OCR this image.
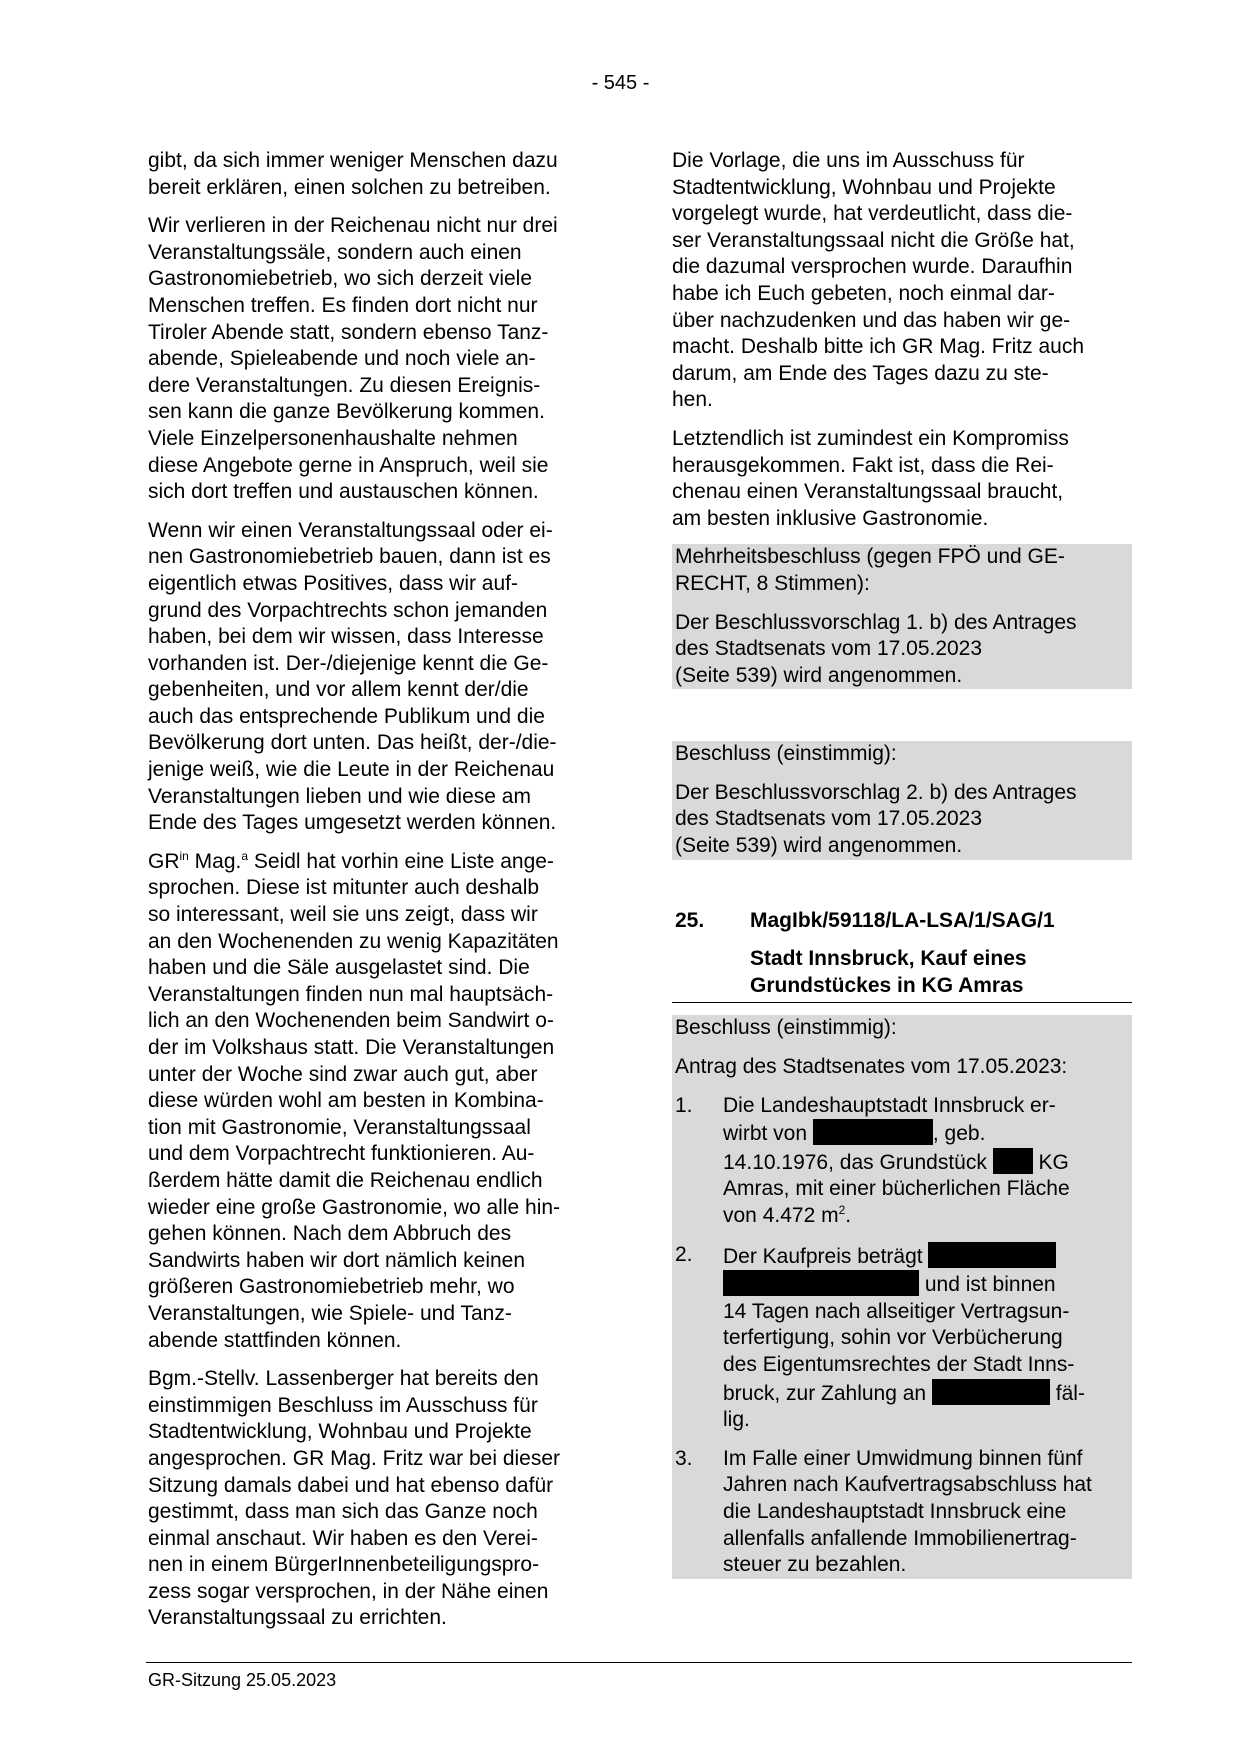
- 545 -

gibt, da sich immer weniger Menschen dazu
bereit erklären, einen solchen zu betreiben.

Wir verlieren in der Reichenau nicht nur drei
Veranstaltungssäle, sondern auch einen
Gastronomiebetrieb, wo sich derzeit viele
Menschen treffen. Es finden dort nicht nur
Tiroler Abende statt, sondern ebenso Tanz-
abende, Spieleabende und noch viele an-
dere Veranstaltungen. Zu diesen Ereignis-
sen kann die ganze Bevölkerung kommen.
Viele Einzelpersonenhaushalte nehmen
diese Angebote gerne in Anspruch, weil sie
sich dort treffen und austauschen können.

Wenn wir einen Veranstaltungssaal oder ei-
nen Gastronomiebetrieb bauen, dann ist es
eigentlich etwas Positives, dass wir auf-
grund des Vorpachtrechts schon jemanden
haben, bei dem wir wissen, dass Interesse
vorhanden ist. Der-/diejenige kennt die Ge-
gebenheiten, und vor allem kennt der/die
auch das entsprechende Publikum und die
Bevölkerung dort unten. Das heißt, der-/die-
jenige weiß, wie die Leute in der Reichenau
Veranstaltungen lieben und wie diese am
Ende des Tages umgesetzt werden können.

$GR^{in}$ Mag.$^a$ Seidl hat vorhin eine Liste ange-
sprochen. Diese ist mitunter auch deshalb
so interessant, weil sie uns zeigt, dass wir
an den Wochenenden zu wenig Kapazitäten
haben und die Säle ausgelastet sind. Die
Veranstaltungen finden nun mal hauptsäch-
lich an den Wochenenden beim Sandwirt o-
der im Volkshaus statt. Die Veranstaltungen
unter der Woche sind zwar auch gut, aber
diese würden wohl am besten in Kombina-
tion mit Gastronomie, Veranstaltungssaal
und dem Vorpachtrecht funktionieren. Au-
ßerdem hätte damit die Reichenau endlich
wieder eine große Gastronomie, wo alle hin-
gehen können. Nach dem Abbruch des
Sandwirts haben wir dort nämlich keinen
größeren Gastronomiebetrieb mehr, wo
Veranstaltungen, wie Spiele- und Tanz-
abende stattfinden können.

Bgm.-Stellv. Lassenberger hat bereits den
einstimmigen Beschluss im Ausschuss für
Stadtentwicklung, Wohnbau und Projekte
angesprochen. GR Mag. Fritz war bei dieser
Sitzung damals dabei und hat ebenso dafür
gestimmt, dass man sich das Ganze noch
einmal anschaut. Wir haben es den Verei-
nen in einem BürgerInnenbeteiligungspro-
zess sogar versprochen, in der Nähe einen
Veranstaltungssaal zu errichten.

Die Vorlage, die uns im Ausschuss für
Stadtentwicklung, Wohnbau und Projekte
vorgelegt wurde, hat verdeutlicht, dass die-
ser Veranstaltungssaal nicht die Größe hat,
die dazumal versprochen wurde. Daraufhin
habe ich Euch gebeten, noch einmal dar-
über nachzudenken und das haben wir ge-
macht. Deshalb bitte ich GR Mag. Fritz auch
darum, am Ende des Tages dazu zu ste-
hen.

Letztendlich ist zumindest ein Kompromiss
herausgekommen. Fakt ist, dass die Rei-
chenau einen Veranstaltungssaal braucht,
am besten inklusive Gastronomie.

Mehrheitsbeschluss (gegen FPÖ und GE-
RECHT, 8 Stimmen):

Der Beschlussvorschlag 1. b) des Antrages
des Stadtsenats vom 17.05.2023
(Seite 539) wird angenommen.

Beschluss (einstimmig):

Der Beschlussvorschlag 2. b) des Antrages
des Stadtsenats vom 17.05.2023
(Seite 539) wird angenommen.

25.	MagIbk/59118/LA-LSA/1/SAG/1
Stadt Innsbruck, Kauf eines
Grundstückes in KG Amras

Beschluss (einstimmig):

Antrag des Stadtsenates vom 17.05.2023:

1.	Die Landeshauptstadt Innsbruck er-
wirbt von	, geb.
14.10.1976, das Grundstück  KG
Amras, mit einer bücherlichen Fläche
von 4.472 $m^2$.
2.	Der Kaufpreis beträgt
und ist binnen
14 Tagen nach allseitiger Vertragsun-
terfertigung, sohin vor Verbücherung
des Eigentumsrechtes der Stadt Inns-
bruck, zur Zahlung an	fäl-
lig.
3.	Im Falle einer Umwidmung binnen fünf
Jahren nach Kaufvertragsabschluss hat
die Landeshauptstadt Innsbruck eine
allenfalls anfallende Immobilienertrag-
steuer zu bezahlen.
GR-Sitzung 25.05.2023
